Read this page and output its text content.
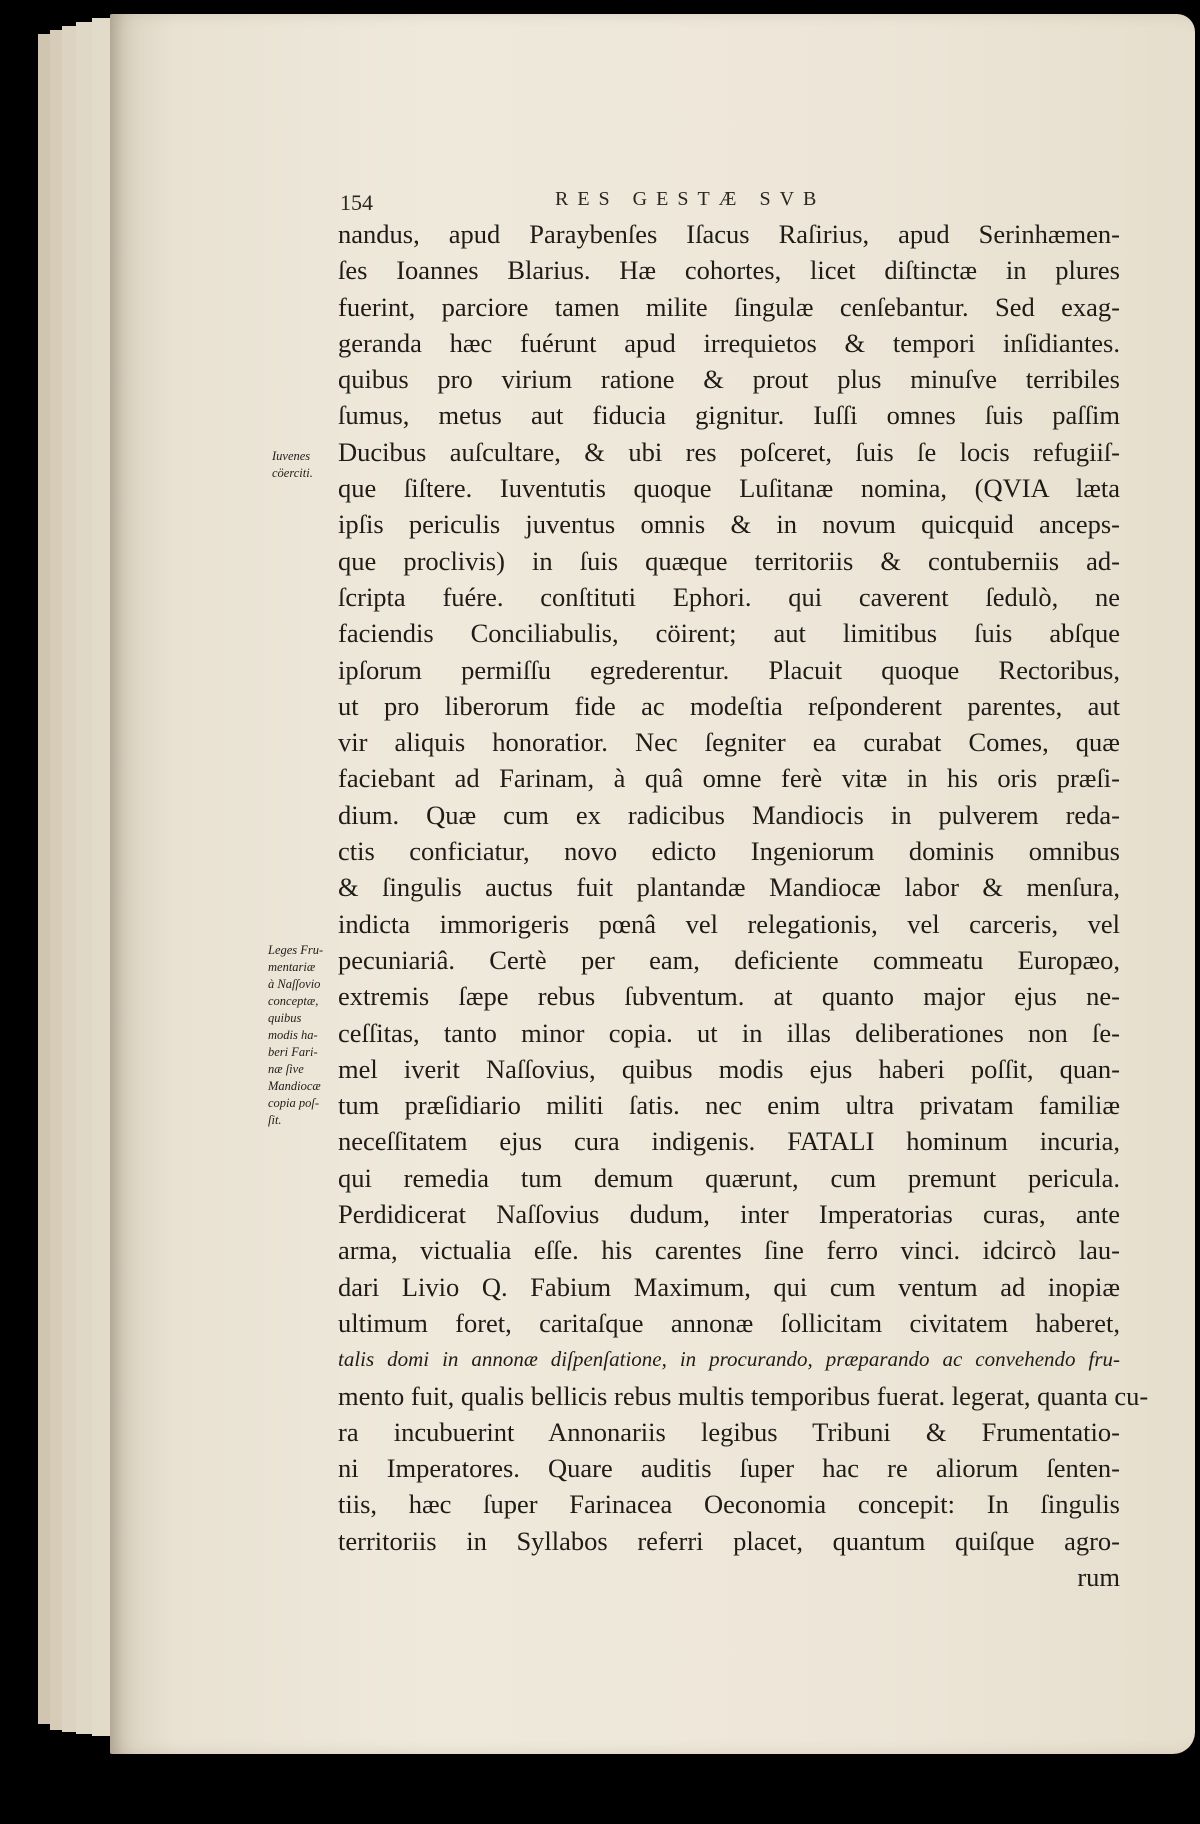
154	RES GESTÆ SVB
Iuvenes
cöerciti.
Leges Fru-
mentariæ
à Naſſovio
conceptæ,
quibus
modis ha-
beri Fari-
næ ſive
Mandiocæ
copia poſ-
ſit.
nandus, apud Paraybenſes Iſacus Raſirius, apud Serinhæmen-
ſes Ioannes Blarius. Hæ cohortes, licet diſtinctæ in plures
fuerint, parciore tamen milite ſingulæ cenſebantur. Sed exag-
geranda hæc fuérunt apud irrequietos & tempori inſidiantes.
quibus pro virium ratione & prout plus minuſve terribiles
ſumus, metus aut fiducia gignitur. Iuſſi omnes ſuis paſſim
Ducibus auſcultare, & ubi res poſceret, ſuis ſe locis refugiiſ-
que ſiſtere. Iuventutis quoque Luſitanæ nomina, (QVIA læta
ipſis periculis juventus omnis & in novum quicquid anceps-
que proclivis) in ſuis quæque territoriis & contuberniis ad-
ſcripta fuére. conſtituti Ephori. qui caverent ſedulò, ne
faciendis Conciliabulis, cöirent; aut limitibus ſuis abſque
ipſorum permiſſu egrederentur. Placuit quoque Rectoribus,
ut pro liberorum fide ac modeſtia reſponderent parentes, aut
vir aliquis honoratior. Nec ſegniter ea curabat Comes, quæ
faciebant ad Farinam, à quâ omne ferè vitæ in his oris præſi-
dium. Quæ cum ex radicibus Mandiocis in pulverem reda-
ctis conficiatur, novo edicto Ingeniorum dominis omnibus
& ſingulis auctus fuit plantandæ Mandiocæ labor & menſura,
indicta immorigeris pœnâ vel relegationis, vel carceris, vel
pecuniariâ. Certè per eam, deficiente commeatu Europæo,
extremis ſæpe rebus ſubventum. at quanto major ejus ne-
ceſſitas, tanto minor copia. ut in illas deliberationes non ſe-
mel iverit Naſſovius, quibus modis ejus haberi poſſit, quan-
tum præſidiario militi ſatis. nec enim ultra privatam familiæ
neceſſitatem ejus cura indigenis. FATALI hominum incuria,
qui remedia tum demum quærunt, cum premunt pericula.
Perdidicerat Naſſovius dudum, inter Imperatorias curas, ante
arma, victualia eſſe. his carentes ſine ferro vinci. idcircò lau-
dari Livio Q. Fabium Maximum, qui cum ventum ad inopiæ
ultimum foret, caritaſque annonæ ſollicitam civitatem haberet,
talis domi in annonæ diſpenſatione, in procurando, præparando ac convehendo fru-
mento fuit, qualis bellicis rebus multis temporibus fuerat. legerat, quanta cu-
ra incubuerint Annonariis legibus Tribuni & Frumentatio-
ni Imperatores. Quare auditis ſuper hac re aliorum ſenten-
tiis, hæc ſuper Farinacea Oeconomia concepit: In ſingulis
territoriis in Syllabos referri placet, quantum quiſque agro-
rum
